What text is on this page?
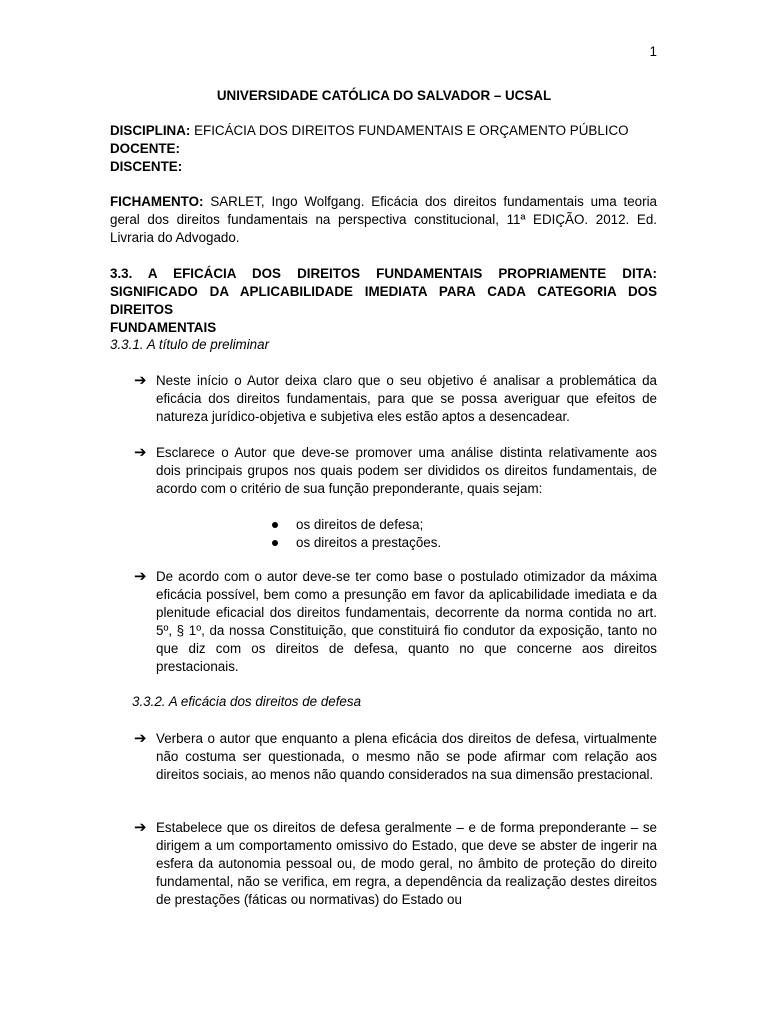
1
UNIVERSIDADE CATÓLICA DO SALVADOR – UCSAL
DISCIPLINA: EFICÁCIA DOS DIREITOS FUNDAMENTAIS E ORÇAMENTO PÚBLICO
DOCENTE:
DISCENTE:
FICHAMENTO: SARLET, Ingo Wolfgang. Eficácia dos direitos fundamentais uma teoria geral dos direitos fundamentais na perspectiva constitucional, 11ª EDIÇÃO. 2012. Ed. Livraria do Advogado.
3.3. A EFICÁCIA DOS DIREITOS FUNDAMENTAIS PROPRIAMENTE DITA: SIGNIFICADO DA APLICABILIDADE IMEDIATA PARA CADA CATEGORIA DOS DIREITOS
FUNDAMENTAIS
3.3.1. A título de preliminar
➔ Neste início o Autor deixa claro que o seu objetivo é analisar a problemática da eficácia dos direitos fundamentais, para que se possa averiguar que efeitos de natureza jurídico-objetiva e subjetiva eles estão aptos a desencadear.
➔ Esclarece o Autor que deve-se promover uma análise distinta relativamente aos dois principais grupos nos quais podem ser divididos os direitos fundamentais, de acordo com o critério de sua função preponderante, quais sejam:
os direitos de defesa;
os direitos a prestações.
➔ De acordo com o autor deve-se ter como base o postulado otimizador da máxima eficácia possível, bem como a presunção em favor da aplicabilidade imediata e da plenitude eficacial dos direitos fundamentais, decorrente da norma contida no art. 5º, § 1º, da nossa Constituição, que constituirá fio condutor da exposição, tanto no que diz com os direitos de defesa, quanto no que concerne aos direitos prestacionais.
3.3.2. A eficácia dos direitos de defesa
➔ Verbera o autor que enquanto a plena eficácia dos direitos de defesa, virtualmente não costuma ser questionada, o mesmo não se pode afirmar com relação aos direitos sociais, ao menos não quando considerados na sua dimensão prestacional.
➔ Estabelece que os direitos de defesa geralmente – e de forma preponderante – se dirigem a um comportamento omissivo do Estado, que deve se abster de ingerir na esfera da autonomia pessoal ou, de modo geral, no âmbito de proteção do direito fundamental, não se verifica, em regra, a dependência da realização destes direitos de prestações (fáticas ou normativas) do Estado ou
